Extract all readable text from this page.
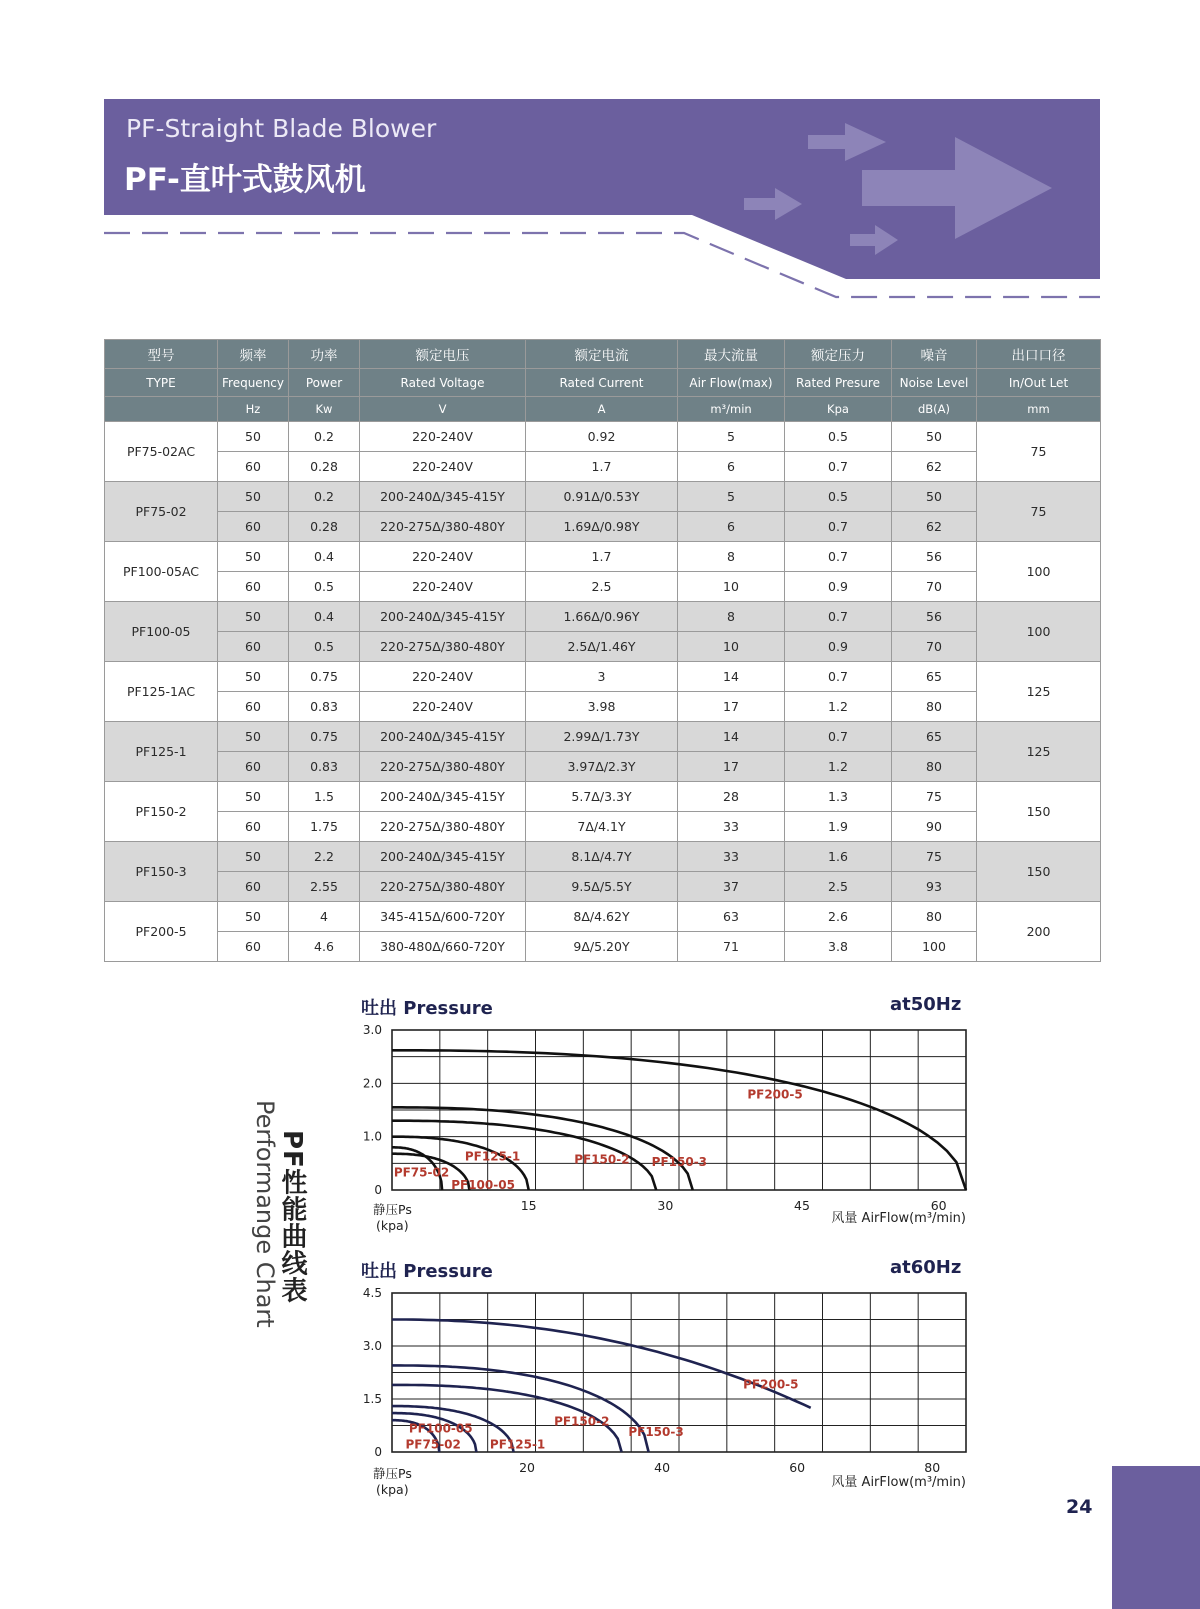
PF-Straight Blade Blower
PF-直叶式鼓风机
型号	频率	功率	额定电压	额定电流	最大流量	额定压力	噪音	出口口径
TYPE	Frequency	Power	Rated Voltage	Rated Current	Air Flow(max)	Rated Presure	Noise Level	In/Out Let
	Hz	Kw	V	A	m³/min	Kpa	dB(A)	mm
PF75-02AC	50	0.2	220-240V	0.92	5	0.5	50	75
	60	0.28	220-240V	1.7	6	0.7	62	
PF75-02	50	0.2	200-240Δ/345-415Y	0.91Δ/0.53Y	5	0.5	50	75
	60	0.28	220-275Δ/380-480Y	1.69Δ/0.98Y	6	0.7	62	
PF100-05AC	50	0.4	220-240V	1.7	8	0.7	56	100
	60	0.5	220-240V	2.5	10	0.9	70	
PF100-05	50	0.4	200-240Δ/345-415Y	1.66Δ/0.96Y	8	0.7	56	100
	60	0.5	220-275Δ/380-480Y	2.5Δ/1.46Y	10	0.9	70	
PF125-1AC	50	0.75	220-240V	3	14	0.7	65	125
	60	0.83	220-240V	3.98	17	1.2	80	
PF125-1	50	0.75	200-240Δ/345-415Y	2.99Δ/1.73Y	14	0.7	65	125
	60	0.83	220-275Δ/380-480Y	3.97Δ/2.3Y	17	1.2	80	
PF150-2	50	1.5	200-240Δ/345-415Y	5.7Δ/3.3Y	28	1.3	75	150
	60	1.75	220-275Δ/380-480Y	7Δ/4.1Y	33	1.9	90	
PF150-3	50	2.2	200-240Δ/345-415Y	8.1Δ/4.7Y	33	1.6	75	150
	60	2.55	220-275Δ/380-480Y	9.5Δ/5.5Y	37	2.5	93	
PF200-5	50	4	345-415Δ/600-720Y	8Δ/4.62Y	63	2.6	80	200
	60	4.6	380-480Δ/660-720Y	9Δ/5.20Y	71	3.8	100	
PF性能曲线表
Performange Chart
吐出 Pressure	at50Hz
吐出 Pressure	at60Hz
0
1.0
2.0
3.0
15	30	45	60
静压Ps
(kpa)	风量 AirFlow(m³/min)
PF75-02
PF100-05
PF125-1	PF150-2 PF150-3
PF200-5
0
1.5
3.0
4.5
20	40	60	80
静压Ps
(kpa)	风量 AirFlow(m³/min)
PF75-02
PF100-05
PF125-1
PF150-2
PF150-3
PF200-5
24
